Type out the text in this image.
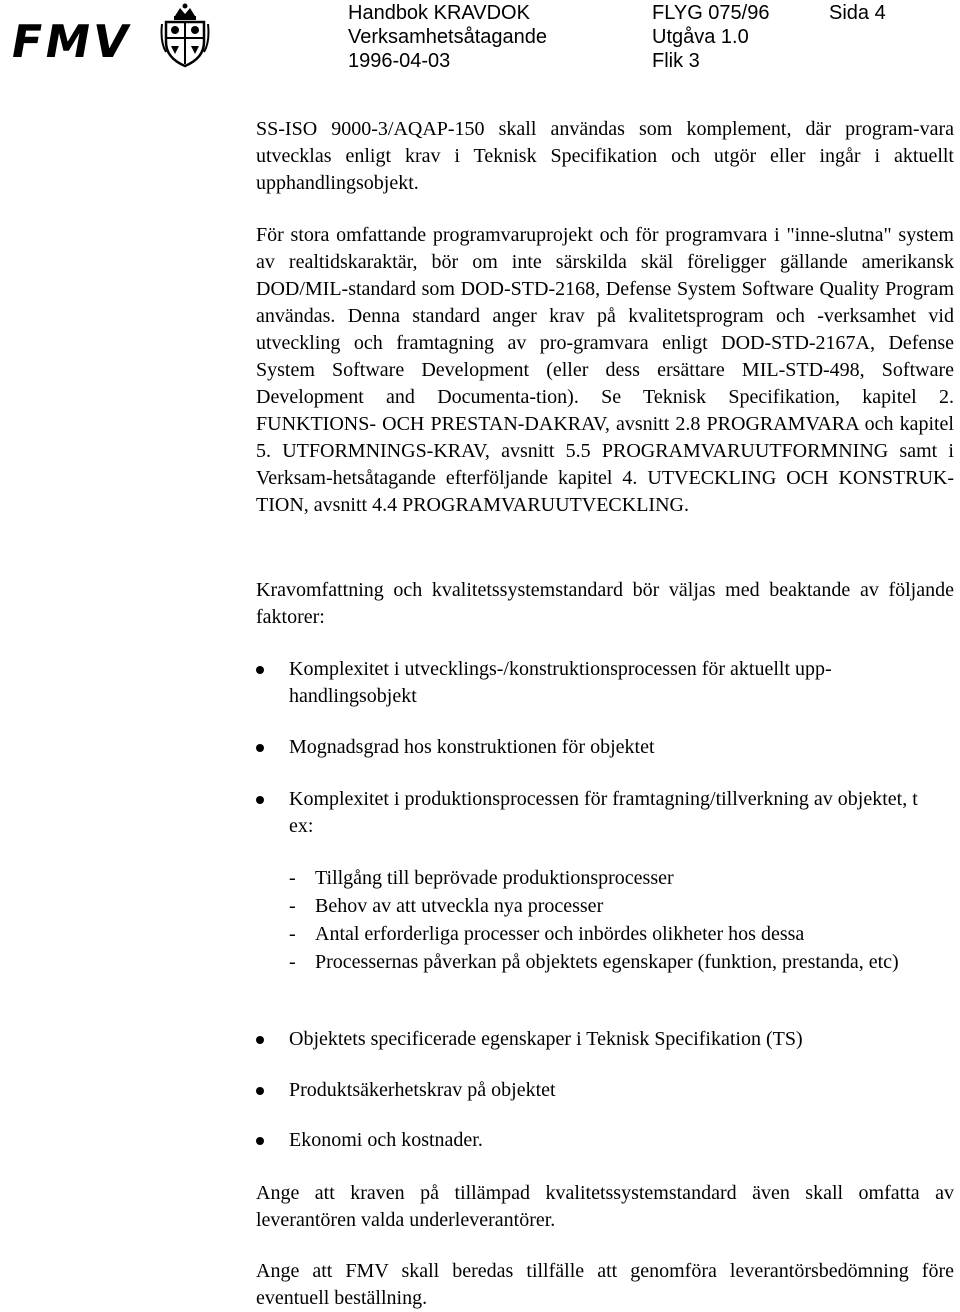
FMV
Handbok KRAVDOK
Verksamhetsåtagande
1996-04-03
FLYG 075/96
Utgåva 1.0
Flik 3
Sida 4

SS-ISO 9000-3/AQAP-150 skall användas som komplement, där program-vara utvecklas enligt krav i Teknisk Specifikation och utgör eller ingår i aktuellt upphandlingsobjekt.

För stora omfattande programvaruprojekt och för programvara i "inne-slutna" system av realtidskaraktär, bör om inte särskilda skäl föreligger gällande amerikansk DOD/MIL-standard som DOD-STD-2168, Defense System Software Quality Program användas. Denna standard anger krav på kvalitetsprogram och -verksamhet vid utveckling och framtagning av pro-gramvara enligt DOD-STD-2167A, Defense System Software Development (eller dess ersättare MIL-STD-498, Software Development and Documenta-tion). Se Teknisk Specifikation, kapitel 2. FUNKTIONS- OCH PRESTAN-DAKRAV, avsnitt 2.8 PROGRAMVARA och kapitel 5. UTFORMNINGS-KRAV, avsnitt 5.5 PROGRAMVARUUTFORMNING samt i Verksam-hetsåtagande efterföljande kapitel 4. UTVECKLING OCH KONSTRUK-TION, avsnitt 4.4 PROGRAMVARUUTVECKLING.

Kravomfattning och kvalitetssystemstandard bör väljas med beaktande av följande faktorer:

Komplexitet i utvecklings-/konstruktionsprocessen för aktuellt upp-handlingsobjekt
Mognadsgrad hos konstruktionen för objektet
Komplexitet i produktionsprocessen för framtagning/tillverkning av objektet, t ex:
- Tillgång till beprövade produktionsprocesser
- Behov av att utveckla nya processer
- Antal erforderliga processer och inbördes olikheter hos dessa
- Processernas påverkan på objektets egenskaper (funktion, prestanda, etc)
Objektets specificerade egenskaper i Teknisk Specifikation (TS)
Produktsäkerhetskrav på objektet
Ekonomi och kostnader.

Ange att kraven på tillämpad kvalitetssystemstandard även skall omfatta av leverantören valda underleverantörer.

Ange att FMV skall beredas tillfälle att genomföra leverantörsbedömning före eventuell beställning.
